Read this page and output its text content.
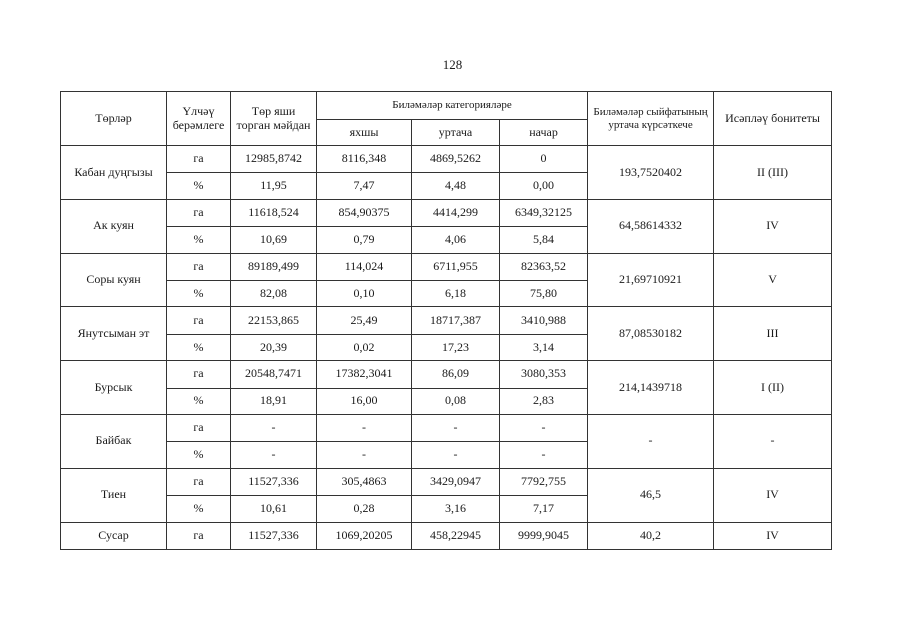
128
Төрләр	Үлчәү берәмлеге	Төр яши торган мәйдан	Биләмәләр категорияләре			Биләмәләр сыйфатының уртача күрсәткече	Исәпләү бонитеты
			яхшы	уртача	начар		
Кабан дуңгызы	га	12985,8742	8116,348	4869,5262	0	193,7520402	II (III)
	%	11,95	7,47	4,48	0,00		
Ак куян	га	11618,524	854,90375	4414,299	6349,32125	64,58614332	IV
	%	10,69	0,79	4,06	5,84		
Соры куян	га	89189,499	114,024	6711,955	82363,52	21,69710921	V
	%	82,08	0,10	6,18	75,80		
Янутсыман эт	га	22153,865	25,49	18717,387	3410,988	87,08530182	III
	%	20,39	0,02	17,23	3,14		
Бурсык	га	20548,7471	17382,3041	86,09	3080,353	214,1439718	I (II)
	%	18,91	16,00	0,08	2,83		
Байбак	га	-	-	-	-	-	-
	%	-	-	-	-		
Тиен	га	11527,336	305,4863	3429,0947	7792,755	46,5	IV
	%	10,61	0,28	3,16	7,17		
Сусар	га	11527,336	1069,20205	458,22945	9999,9045	40,2	IV
